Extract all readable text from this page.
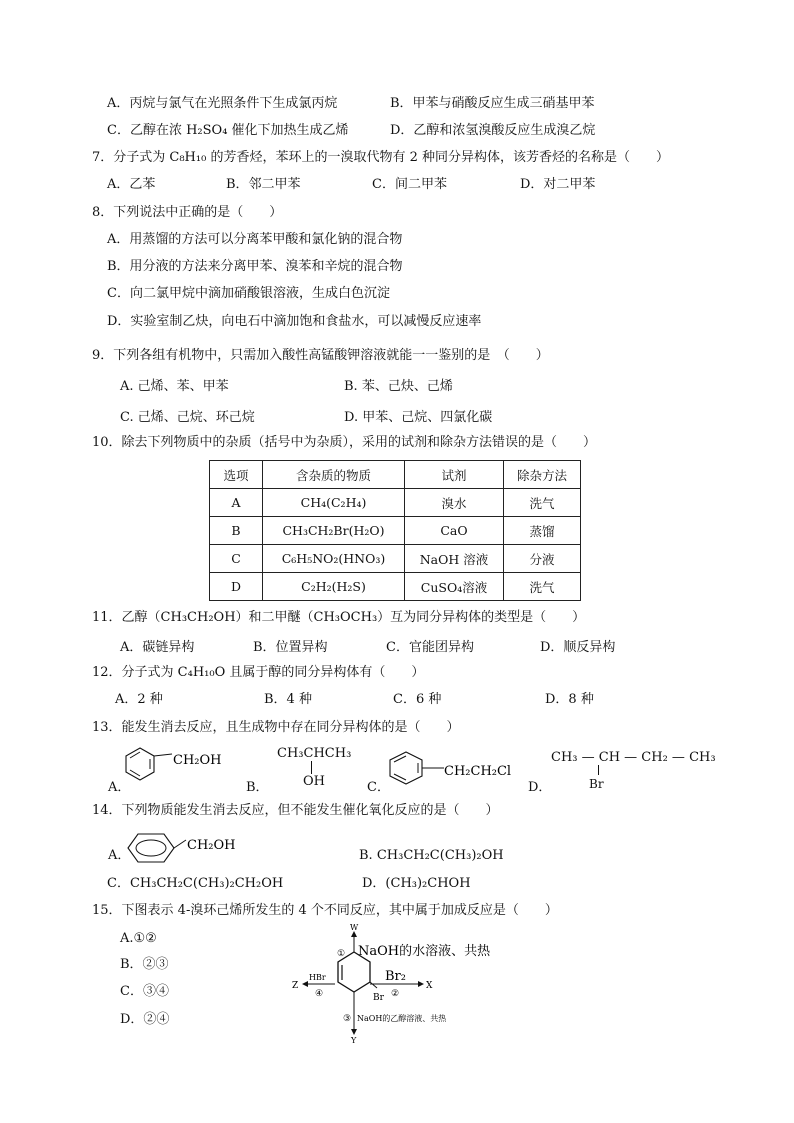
A．丙烷与氯气在光照条件下生成氯丙烷	B．甲苯与硝酸反应生成三硝基甲苯
C．乙醇在浓 H₂SO₄ 催化下加热生成乙烯	D．乙醇和浓氢溴酸反应生成溴乙烷
7．分子式为 C₈H₁₀ 的芳香烃，苯环上的一溴取代物有 2 种同分异构体，该芳香烃的名称是（　　）
A．乙苯	B．邻二甲苯	C．间二甲苯	D．对二甲苯
8．下列说法中正确的是（　　）
A．用蒸馏的方法可以分离苯甲酸和氯化钠的混合物
B．用分液的方法来分离甲苯、溴苯和辛烷的混合物
C．向二氯甲烷中滴加硝酸银溶液，生成白色沉淀
D．实验室制乙炔，向电石中滴加饱和食盐水，可以减慢反应速率
9．下列各组有机物中，只需加入酸性高锰酸钾溶液就能一一鉴别的是　（　　）
A. 己烯、苯、甲苯	B. 苯、己炔、己烯
C. 己烯、己烷、环己烷	D. 甲苯、己烷、四氯化碳
10．除去下列物质中的杂质（括号中为杂质），采用的试剂和除杂方法错误的是（　　）
选项	含杂质的物质	试剂	除杂方法
A	CH₄(C₂H₄)	溴水	洗气
B	CH₃CH₂Br(H₂O)	CaO	蒸馏
C	C₆H₅NO₂(HNO₃)	NaOH 溶液	分液
D	C₂H₂(H₂S)	CuSO₄溶液	洗气
11．乙醇（CH₃CH₂OH）和二甲醚（CH₃OCH₃）互为同分异构体的类型是（　　）
A．碳链异构	B．位置异构	C．官能团异构	D．顺反异构
12．分子式为 C₄H₁₀O 且属于醇的同分异构体有（　　）
A．2 种	B．4 种	C．6 种	D．8 种
13．能发生消去反应，且生成物中存在同分异构体的是（　　）
A．
CH₂OH
B．
CH₃CHCH₃
OH	C．
CH₂CH₂Cl
D．
CH₃ — CH — CH₂ — CH₃
Br
14．下列物质能发生消去反应，但不能发生催化氧化反应的是（　　）
A．
CH₂OH
B. CH₃CH₂C(CH₃)₂OH
C．CH₃CH₂C(CH₃)₂CH₂OH	D．(CH₃)₂CHOH
15．下图表示 4-溴环己烯所发生的 4 个不同反应，其中属于加成反应是（　　）
A.①②
B．②③
C．③④
D．②④
Br
W
① NaOH的水溶液、共热
X
Br₂
②
Z
HBr
④
Y
③ NaOH的乙醇溶液、共热
